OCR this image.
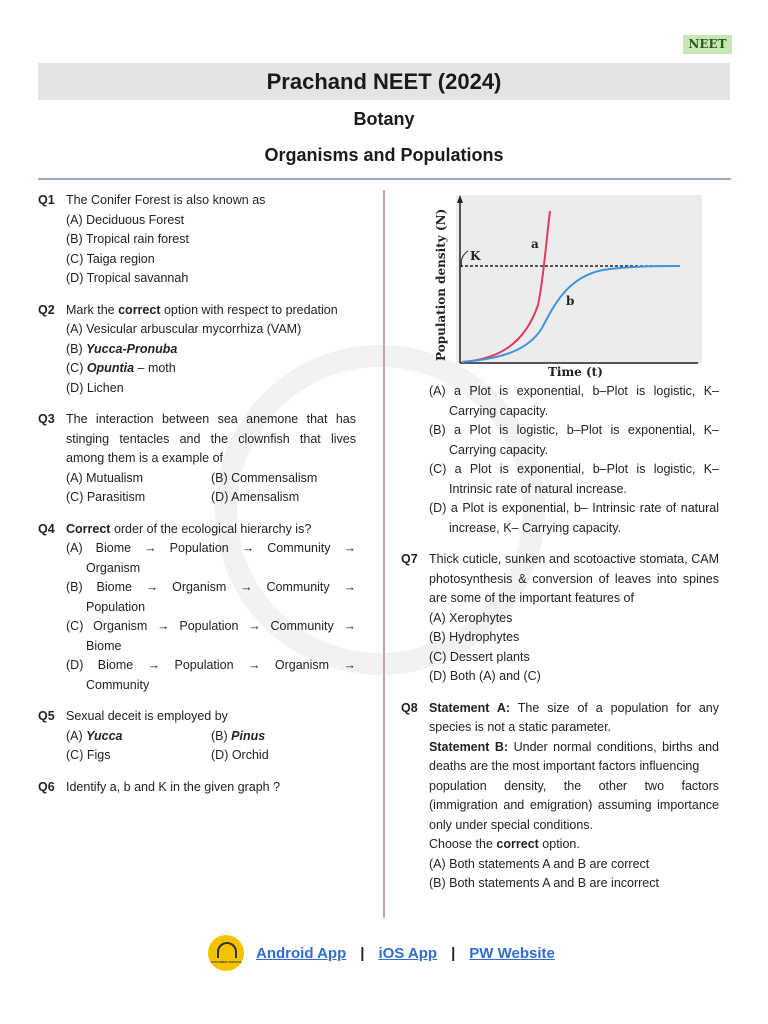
NEET
Prachand NEET (2024)
Botany
Organisms and Populations
Q1 The Conifer Forest is also known as
(A) Deciduous Forest
(B) Tropical rain forest
(C) Taiga region
(D) Tropical savannah
Q2 Mark the correct option with respect to predation
(A) Vesicular arbuscular mycorrhiza (VAM)
(B) Yucca-Pronuba
(C) Opuntia – moth
(D) Lichen
Q3 The interaction between sea anemone that has stinging tentacles and the clownfish that lives among them is a example of
(A) Mutualism	(B) Commensalism
(C) Parasitism	(D) Amensalism
Q4 Correct order of the ecological hierarchy is?
(A) Biome → Population → Community → Organism
(B) Biome → Organism → Community → Population
(C) Organism → Population → Community → Biome
(D) Biome → Population → Organism → Community
Q5 Sexual deceit is employed by
(A) Yucca	(B) Pinus
(C) Figs	(D) Orchid
Q6 Identify a, b and K in the given graph ?
K
a
b
Time (t)
Population density (N)
(A) a Plot is exponential, b–Plot is logistic, K– Carrying capacity.
(B) a Plot is logistic, b–Plot is exponential, K– Carrying capacity.
(C) a Plot is exponential, b–Plot is logistic, K– Intrinsic rate of natural increase.
(D) a Plot is exponential, b– Intrinsic rate of natural increase, K– Carrying capacity.
Q7 Thick cuticle, sunken and scotoactive stomata, CAM photosynthesis & conversion of leaves into spines are some of the important features of
(A) Xerophytes
(B) Hydrophytes
(C) Dessert plants
(D) Both (A) and (C)
Q8 Statement A: The size of a population for any species is not a static parameter.
Statement B: Under normal conditions, births and deaths are the most important factors influencing
population density, the other two factors (immigration and emigration) assuming importance only under special conditions.
Choose the correct option.
(A) Both statements A and B are correct
(B) Both statements A and B are incorrect
CUSTOMER SERVICE
Android App | iOS App | PW Website
